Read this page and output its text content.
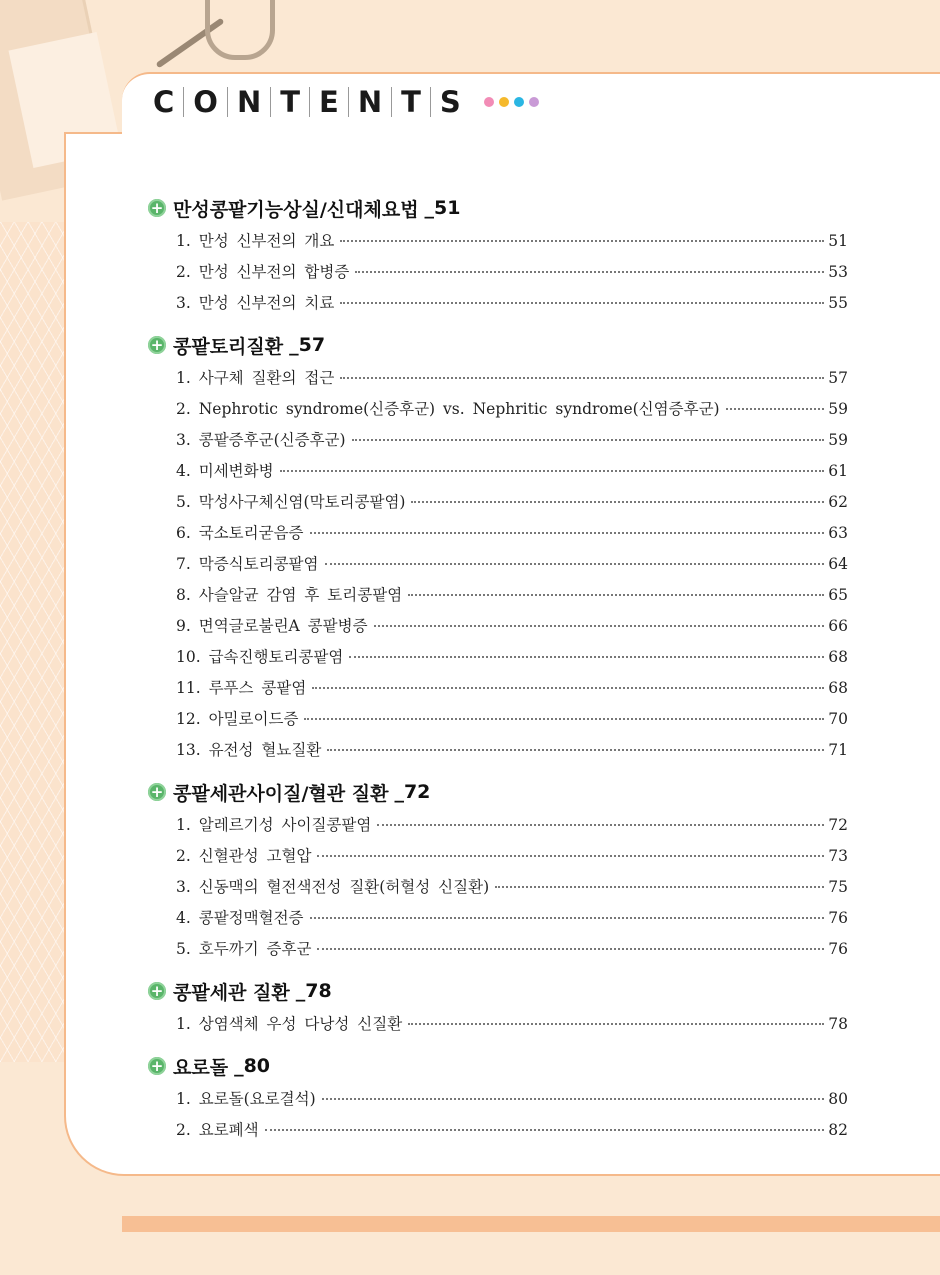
C O N T E N T S
+ 만성콩팥기능상실/신대체요법 _51
1. 만성 신부전의 개요	51
2. 만성 신부전의 합병증	53
3. 만성 신부전의 치료	55
+ 콩팥토리질환 _57
1. 사구체 질환의 접근	57
2. Nephrotic syndrome(신증후군) vs. Nephritic syndrome(신염증후군)	59
3. 콩팥증후군(신증후군)	59
4. 미세변화병	61
5. 막성사구체신염(막토리콩팥염)	62
6. 국소토리굳음증	63
7. 막증식토리콩팥염	64
8. 사슬알균 감염 후 토리콩팥염	65
9. 면역글로불린A 콩팥병증	66
10. 급속진행토리콩팥염	68
11. 루푸스 콩팥염	68
12. 아밀로이드증	70
13. 유전성 혈뇨질환	71
+ 콩팥세관사이질/혈관 질환 _72
1. 알레르기성 사이질콩팥염	72
2. 신혈관성 고혈압	73
3. 신동맥의 혈전색전성 질환(허혈성 신질환)	75
4. 콩팥정맥혈전증	76
5. 호두까기 증후군	76
+ 콩팥세관 질환 _78
1. 상염색체 우성 다낭성 신질환	78
+ 요로돌 _80
1. 요로돌(요로결석)	80
2. 요로폐색	82
